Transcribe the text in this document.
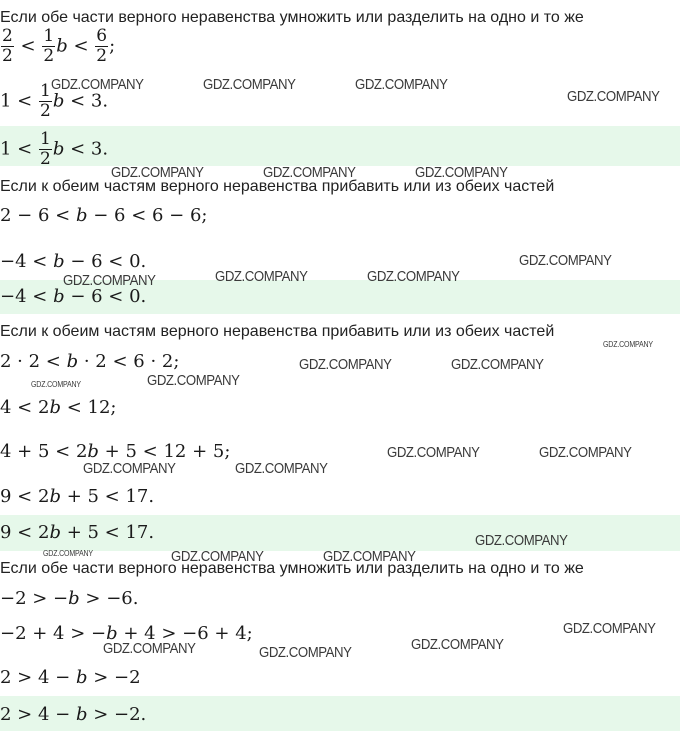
Если обе части верного неравенства умножить или разделить на одно и то же
$\frac{2}{2} < \frac{1}{2}$ $b < \frac{6}{2}$ ;
$1 < \frac{1}{2}$ b < 3.
$1 < \frac{1}{2}$ b < 3.
Если к обеим частям верного неравенства прибавить или из обеих частей
2 − 6 < b − 6 < 6 − 6;
−4 < b − 6 < 0.
−4 < b − 6 < 0.
Если к обеим частям верного неравенства прибавить или из обеих частей
2 · 2 < b · 2 < 6 · 2;
4 < 2b < 12;
4 + 5 < 2b + 5 < 12 + 5;
9 < 2b + 5 < 17.
9 < 2b + 5 < 17.
Если обе части верного неравенства умножить или разделить на одно и то же
−2 > −b > −6.
−2 + 4 > −b + 4 > −6 + 4;
2 > 4 − b > −2
2 > 4 − b > −2.
GDZ.COMPANY	GDZ.COMPANY	GDZ.COMPANY
GDZ.COMPANY
GDZ.COMPANY	GDZ.COMPANY	GDZ.COMPANY
GDZ.COMPANY
GDZ.COMPANY	GDZ.COMPANY	GDZ.COMPANY
GDZ.COMPANY
GDZ.COMPANY	GDZ.COMPANY
GDZ.COMPANY	GDZ.COMPANY
GDZ.COMPANY	GDZ.COMPANY
GDZ.COMPANY	GDZ.COMPANY
GDZ.COMPANY
GDZ.COMPANY	GDZ.COMPANY	GDZ.COMPANY
GDZ.COMPANY
GDZ.COMPANY	GDZ.COMPANY
GDZ.COMPANY
